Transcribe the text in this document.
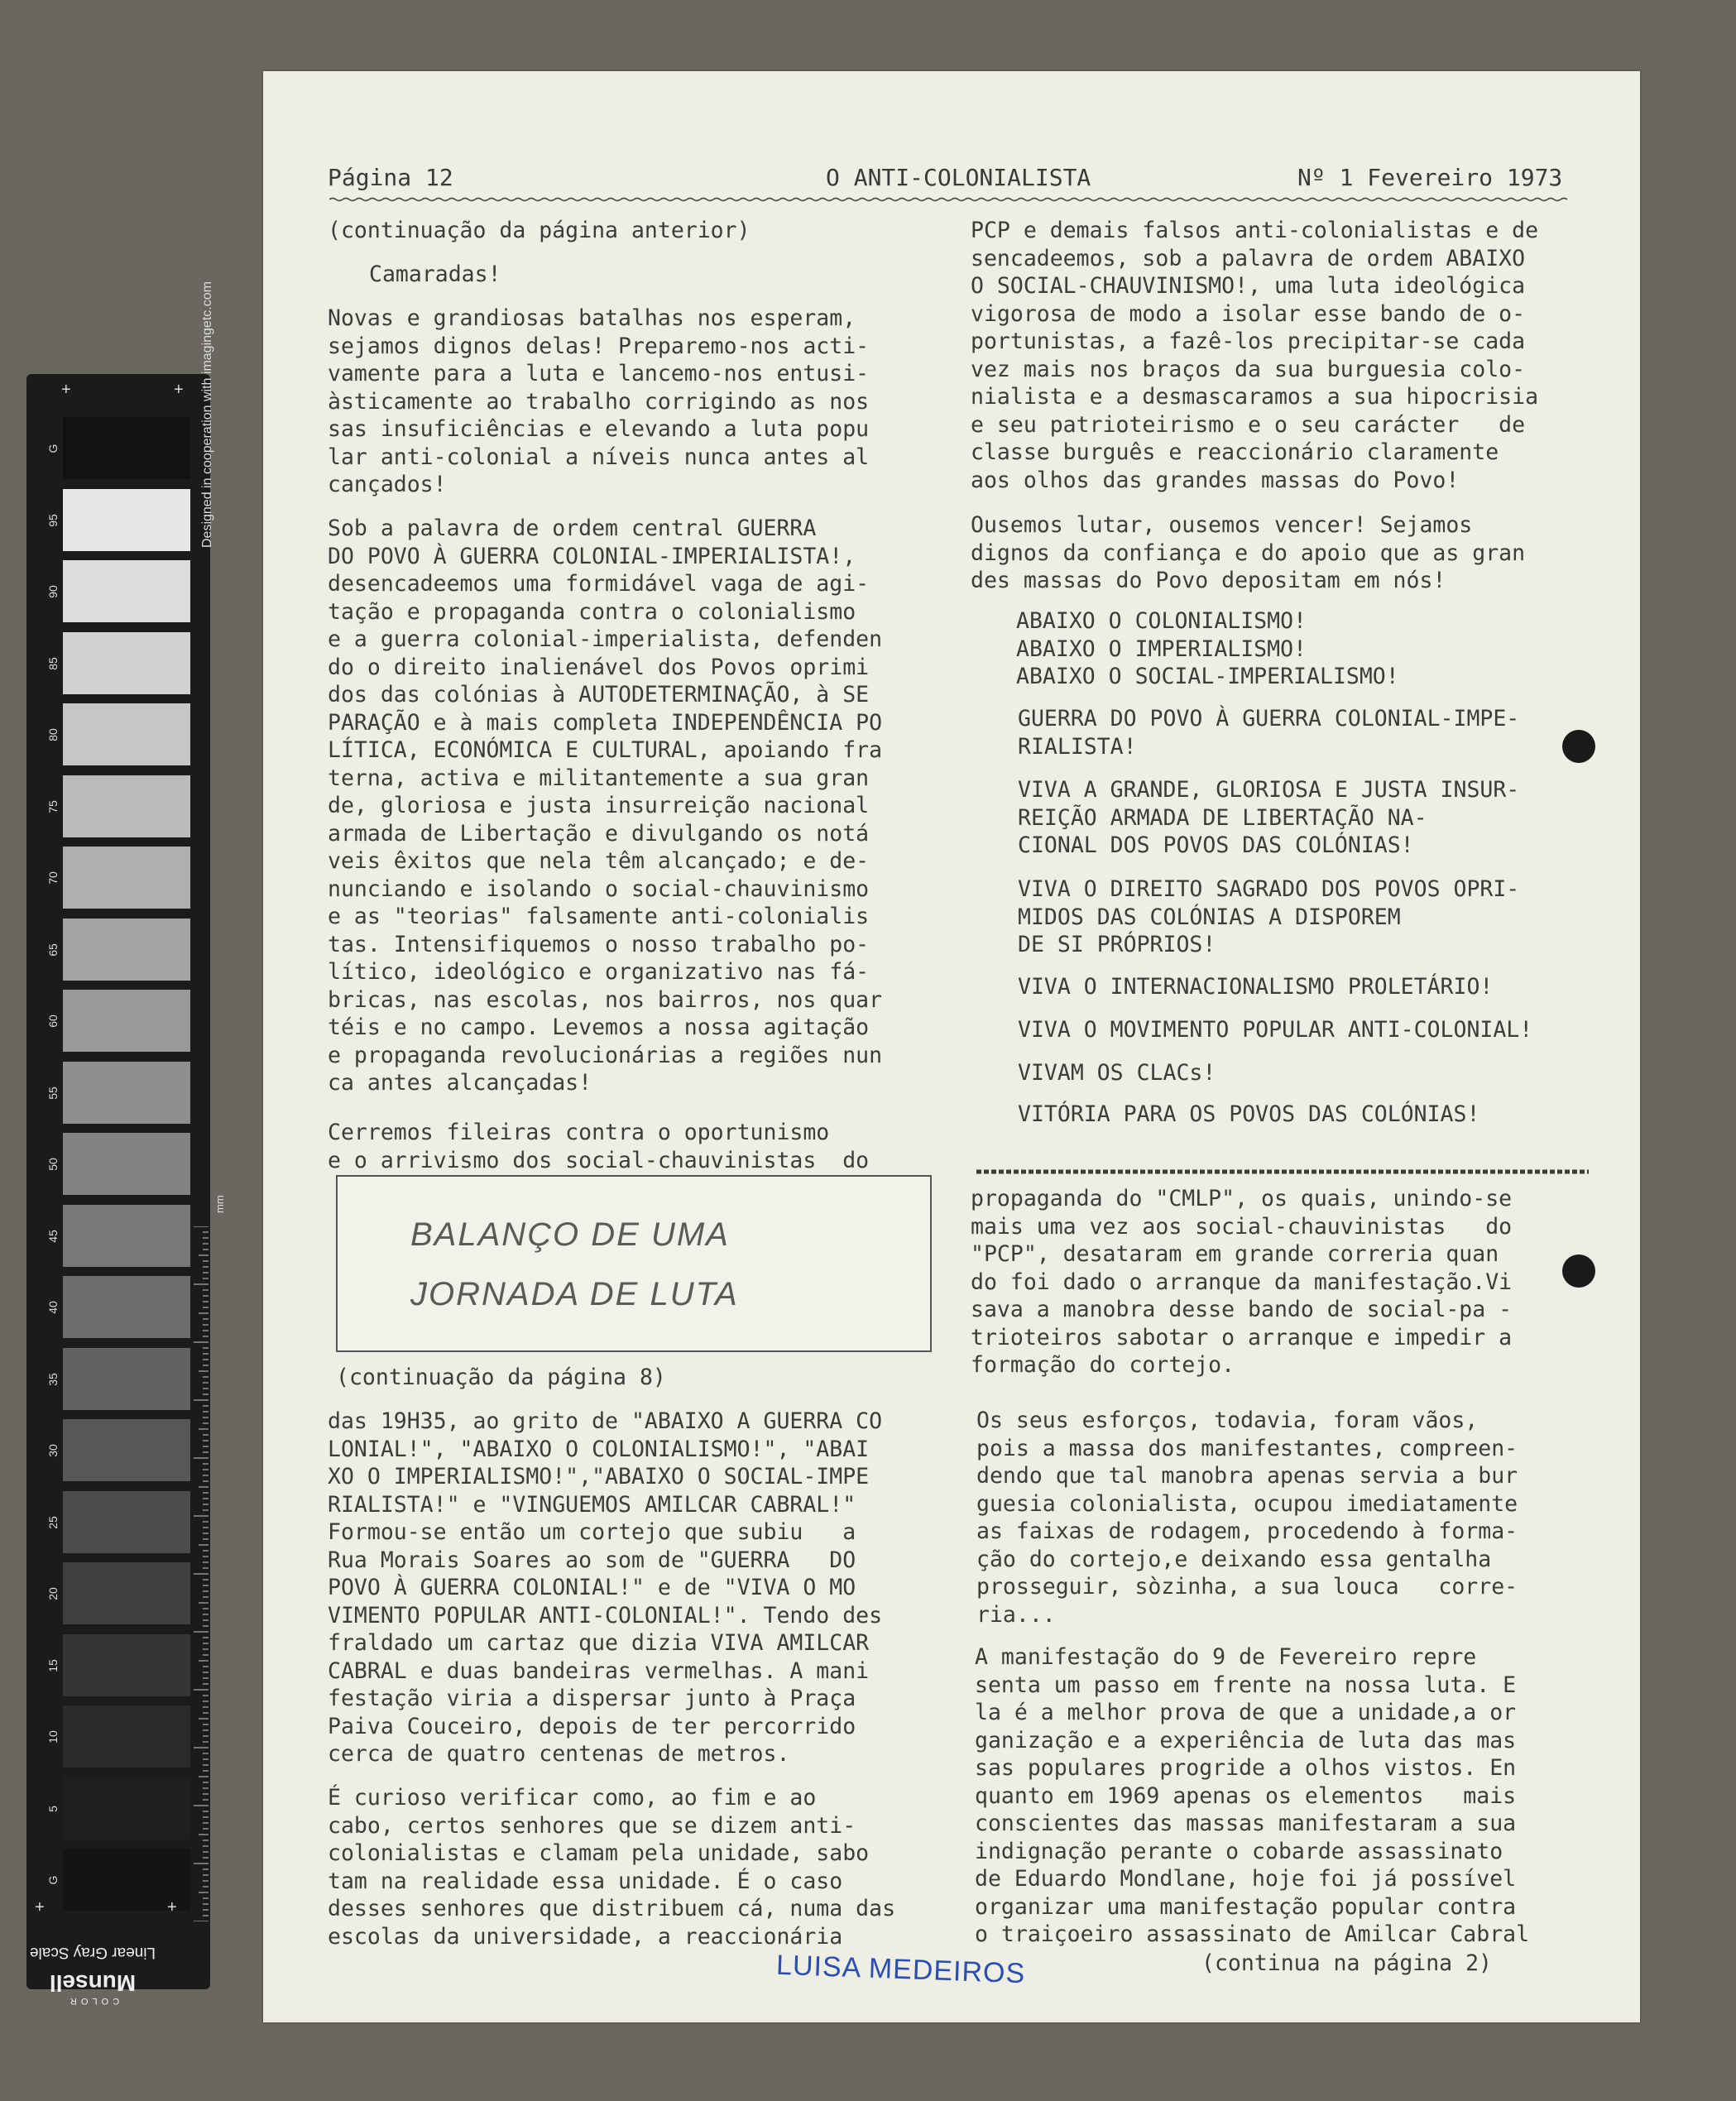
G
95
90
85
80
75
70
65
60
55
50
45
40
35
30
25
20
15
10
5
G
Designed in cooperation with imagingetc.com
mm
+	+
+	+
Linear Gray Scale
COLOR
Munsell
Página 12	O ANTI-COLONIALISTA	Nº 1 Fevereiro 1973
(continuação da página anterior)
Camaradas!
Novas e grandiosas batalhas nos esperam,
sejamos dignos delas! Preparemo-nos acti-
vamente para a luta e lancemo-nos entusi-
àsticamente ao trabalho corrigindo as nos
sas insuficiências e elevando a luta popu
lar anti-colonial a níveis nunca antes al
cançados!
Sob a palavra de ordem central GUERRA
DO POVO À GUERRA COLONIAL-IMPERIALISTA!,
desencadeemos uma formidável vaga de agi-
tação e propaganda contra o colonialismo
e a guerra colonial-imperialista, defenden
do o direito inalienável dos Povos oprimi
dos das colónias à AUTODETERMINAÇÃO, à SE
PARAÇÃO e à mais completa INDEPENDÊNCIA PO
LÍTICA, ECONÓMICA E CULTURAL, apoiando fra
terna, activa e militantemente a sua gran
de, gloriosa e justa insurreição nacional
armada de Libertação e divulgando os notá
veis êxitos que nela têm alcançado; e de-
nunciando e isolando o social-chauvinismo
e as "teorias" falsamente anti-colonialis
tas. Intensifiquemos o nosso trabalho po-
lítico, ideológico e organizativo nas fá-
bricas, nas escolas, nos bairros, nos quar
téis e no campo. Levemos a nossa agitação
e propaganda revolucionárias a regiões nun
ca antes alcançadas!
Cerremos fileiras contra o oportunismo
e o arrivismo dos social-chauvinistas  do
BALANÇO DE UMA
JORNADA DE LUTA
(continuação da página 8)
das 19H35, ao grito de "ABAIXO A GUERRA CO
LONIAL!", "ABAIXO O COLONIALISMO!", "ABAI
XO O IMPERIALISMO!","ABAIXO O SOCIAL-IMPE
RIALISTA!" e "VINGUEMOS AMILCAR CABRAL!"
Formou-se então um cortejo que subiu   a
Rua Morais Soares ao som de "GUERRA   DO
POVO À GUERRA COLONIAL!" e de "VIVA O MO
VIMENTO POPULAR ANTI-COLONIAL!". Tendo des
fraldado um cartaz que dizia VIVA AMILCAR
CABRAL e duas bandeiras vermelhas. A mani
festação viria a dispersar junto à Praça
Paiva Couceiro, depois de ter percorrido
cerca de quatro centenas de metros.
É curioso verificar como, ao fim e ao
cabo, certos senhores que se dizem anti-
colonialistas e clamam pela unidade, sabo
tam na realidade essa unidade. É o caso
desses senhores que distribuem cá, numa das
escolas da universidade, a reaccionária
PCP e demais falsos anti-colonialistas e de
sencadeemos, sob a palavra de ordem ABAIXO
O SOCIAL-CHAUVINISMO!, uma luta ideológica
vigorosa de modo a isolar esse bando de o-
portunistas, a fazê-los precipitar-se cada
vez mais nos braços da sua burguesia colo-
nialista e a desmascaramos a sua hipocrisia
e seu patrioteirismo e o seu carácter   de
classe burguês e reaccionário claramente
aos olhos das grandes massas do Povo!
Ousemos lutar, ousemos vencer! Sejamos
dignos da confiança e do apoio que as gran
des massas do Povo depositam em nós!
ABAIXO O COLONIALISMO!
ABAIXO O IMPERIALISMO!
ABAIXO O SOCIAL-IMPERIALISMO!
GUERRA DO POVO À GUERRA COLONIAL-IMPE-
RIALISTA!
VIVA A GRANDE, GLORIOSA E JUSTA INSUR-
REIÇÃO ARMADA DE LIBERTAÇÃO NA-
CIONAL DOS POVOS DAS COLÓNIAS!
VIVA O DIREITO SAGRADO DOS POVOS OPRI-
MIDOS DAS COLÓNIAS A DISPOREM
DE SI PRÓPRIOS!
VIVA O INTERNACIONALISMO PROLETÁRIO!
VIVA O MOVIMENTO POPULAR ANTI-COLONIAL!
VIVAM OS CLACs!
VITÓRIA PARA OS POVOS DAS COLÓNIAS!
propaganda do "CMLP", os quais, unindo-se
mais uma vez aos social-chauvinistas   do
"PCP", desataram em grande correria quan
do foi dado o arranque da manifestação.Vi
sava a manobra desse bando de social-pa -
trioteiros sabotar o arranque e impedir a
formação do cortejo.
Os seus esforços, todavia, foram vãos,
pois a massa dos manifestantes, compreen-
dendo que tal manobra apenas servia a bur
guesia colonialista, ocupou imediatamente
as faixas de rodagem, procedendo à forma-
ção do cortejo,e deixando essa gentalha
prosseguir, sòzinha, a sua louca   corre-
ria...
A manifestação do 9 de Fevereiro repre
senta um passo em frente na nossa luta. E
la é a melhor prova de que a unidade,a or
ganização e a experiência de luta das mas
sas populares progride a olhos vistos. En
quanto em 1969 apenas os elementos   mais
conscientes das massas manifestaram a sua
indignação perante o cobarde assassinato
de Eduardo Mondlane, hoje foi já possível
organizar uma manifestação popular contra
o traiçoeiro assassinato de Amilcar Cabral
(continua na página 2)
LUISA MEDEIROS
